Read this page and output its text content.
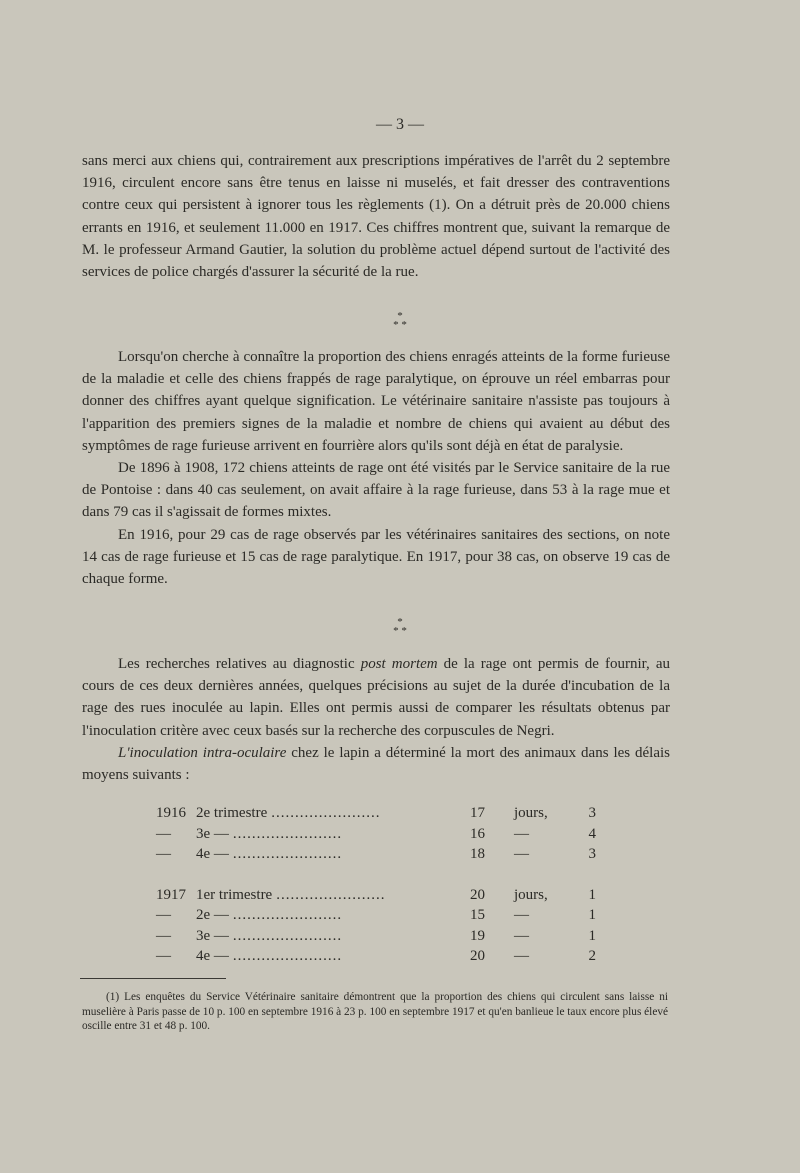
— 3 —

sans merci aux chiens qui, contrairement aux prescriptions impératives de l'arrêt du 2 septembre 1916, circulent encore sans être tenus en laisse ni muselés, et fait dresser des contraventions contre ceux qui persistent à ignorer tous les règlements (1). On a détruit près de 20.000 chiens errants en 1916, et seulement 11.000 en 1917. Ces chiffres montrent que, suivant la remarque de M. le professeur Armand Gautier, la solution du problème actuel dépend surtout de l'activité des services de police chargés d'assurer la sécurité de la rue.

*
* *

Lorsqu'on cherche à connaître la proportion des chiens enragés atteints de la forme furieuse de la maladie et celle des chiens frappés de rage paralytique, on éprouve un réel embarras pour donner des chiffres ayant quelque signification. Le vétérinaire sanitaire n'assiste pas toujours à l'apparition des premiers signes de la maladie et nombre de chiens qui avaient au début des symptômes de rage furieuse arrivent en fourrière alors qu'ils sont déjà en état de paralysie.

De 1896 à 1908, 172 chiens atteints de rage ont été visités par le Service sanitaire de la rue de Pontoise : dans 40 cas seulement, on avait affaire à la rage furieuse, dans 53 à la rage mue et dans 79 cas il s'agissait de formes mixtes.

En 1916, pour 29 cas de rage observés par les vétérinaires sanitaires des sections, on note 14 cas de rage furieuse et 15 cas de rage paralytique. En 1917, pour 38 cas, on observe 19 cas de chaque forme.

*
* *

Les recherches relatives au diagnostic post mortem de la rage ont permis de fournir, au cours de ces deux dernières années, quelques précisions au sujet de la durée d'incubation de la rage des rues inoculée au lapin. Elles ont permis aussi de comparer les résultats obtenus par l'inoculation critère avec ceux basés sur la recherche des corpuscules de Negri.

L'inoculation intra-oculaire chez le lapin a déterminé la mort des animaux dans les délais moyens suivants :

1916 2e trimestre .......................	17	jours,	3
—	3e — .......................	16	—	4
—	4e — .......................	18	—	3
1917 1er trimestre .......................	20	jours,	1
—	2e — .......................	15	—	1
—	3e — .......................	19	—	1
—	4e — .......................	20	—	2

(1) Les enquêtes du Service Vétérinaire sanitaire démontrent que la proportion des chiens qui circulent sans laisse ni muselière à Paris passe de 10 p. 100 en septembre 1916 à 23 p. 100 en septembre 1917 et qu'en banlieue le taux encore plus élevé oscille entre 31 et 48 p. 100.
